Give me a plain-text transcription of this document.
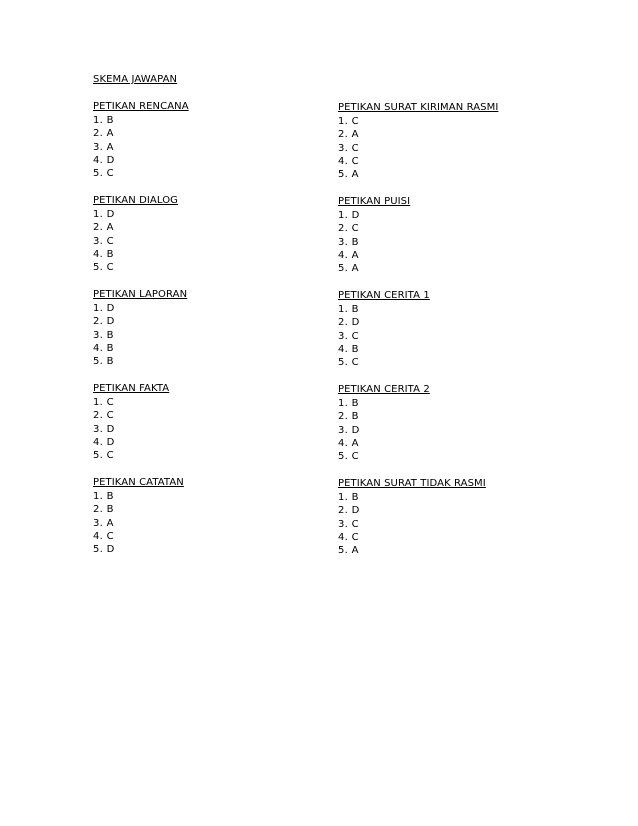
SKEMA JAWAPAN
PETIKAN RENCANA
1. B
2. A
3. A
4. D
5. C
PETIKAN DIALOG
1. D
2. A
3. C
4. B
5. C
PETIKAN LAPORAN
1. D
2. D
3. B
4. B
5. B
PETIKAN FAKTA
1. C
2. C
3. D
4. D
5. C
PETIKAN CATATAN
1. B
2. B
3. A
4. C
5. D
PETIKAN SURAT KIRIMAN RASMI
1. C
2. A
3. C
4. C
5. A
PETIKAN PUISI
1. D
2. C
3. B
4. A
5. A
PETIKAN CERITA 1
1. B
2. D
3. C
4. B
5. C
PETIKAN CERITA 2
1. B
2. B
3. D
4. A
5. C
PETIKAN SURAT TIDAK RASMI
1. B
2. D
3. C
4. C
5. A
